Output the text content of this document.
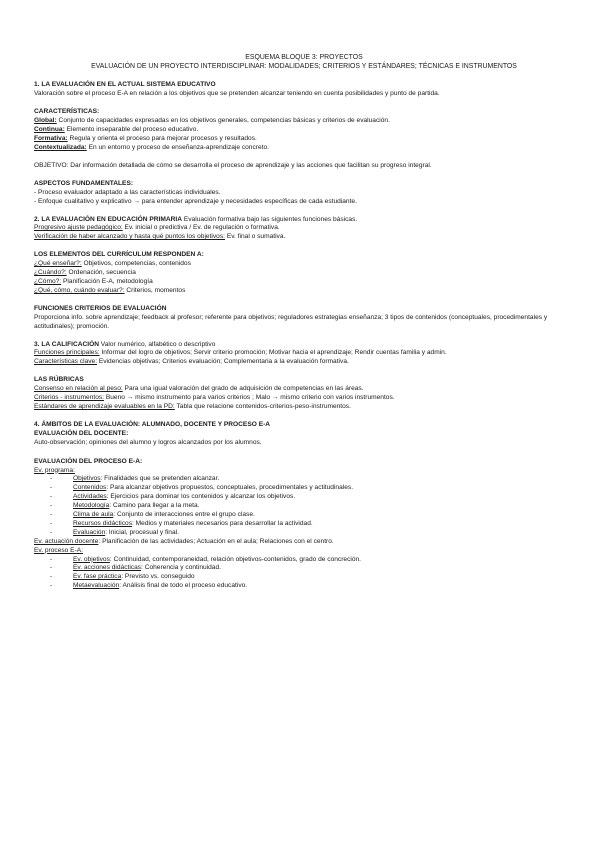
ESQUEMA BLOQUE 3: PROYECTOS
EVALUACIÓN DE UN PROYECTO INTERDISCIPLINAR: MODALIDADES; CRITERIOS Y ESTÁNDARES; TÉCNICAS E INSTRUMENTOS
1. LA EVALUACIÓN EN EL ACTUAL SISTEMA EDUCATIVO
Valoración sobre el proceso E-A en relación a los objetivos que se pretenden alcanzar teniendo en cuenta posibilidades y punto de partida.
CARACTERÍSTICAS:
Global: Conjunto de capacidades expresadas en los objetivos generales, competencias básicas y criterios de evaluación.
Continua: Elemento inseparable del proceso educativo.
Formativa: Regula y orienta el proceso para mejorar procesos y resultados.
Contextualizada: En un entorno y proceso de enseñanza-aprendizaje concreto.
OBJETIVO: Dar información detallada de cómo se desarrolla el proceso de aprendizaje y las acciones que facilitan su progreso integral.
ASPECTOS FUNDAMENTALES:
- Proceso evaluador adaptado a las características individuales.
- Enfoque cualitativo y explicativo → para entender aprendizaje y necesidades específicas de cada estudiante.
2. LA EVALUACIÓN EN EDUCACIÓN PRIMARIA Evaluación formativa bajo las siguientes funciones básicas.
Progresivo ajuste pedagógico: Ev. inicial o predictiva / Ev. de regulación o formativa.
Verificación de haber alcanzado y hasta qué puntos los objetivos: Ev. final o sumativa.
LOS ELEMENTOS DEL CURRÍCULUM RESPONDEN A:
¿Qué enseñar?: Objetivos, competencias, contenidos
¿Cuándo?: Ordenación, secuencia
¿Cómo?: Planificación E-A, metodología
¿Qué, cómo, cuándo evaluar?: Criterios, momentos
FUNCIONES CRITERIOS DE EVALUACIÓN
Proporciona info. sobre aprendizaje; feedback al profesor; referente para objetivos; reguladores estrategias enseñanza; 3 tipos de contenidos (conceptuales, procedimentales y actitudinales); promoción.
3. LA CALIFICACIÓN Valor numérico, alfabético o descriptivo
Funciones principales: Informar del logro de objetivos; Servir criterio promoción; Motivar hacia el aprendizaje; Rendir cuentas familia y admin.
Características clave: Evidencias objetivas; Criterios evaluación; Complementaria a la evaluación formativa.
LAS RÚBRICAS
Consenso en relación al peso: Para una igual valoración del grado de adquisición de competencias en las áreas.
Criterios - instrumentos: Bueno → mismo instrumento para varios criterios ; Malo → mismo criterio con varios instrumentos.
Estándares de aprendizaje evaluables en la PD: Tabla que relacione contenidos-criterios-peso-instrumentos.
4. ÁMBITOS DE LA EVALUACIÓN: ALUMNADO, DOCENTE Y PROCESO E-A
EVALUACIÓN DEL DOCENTE:
Auto-observación; opiniones del alumno y logros alcanzados por los alumnos.
EVALUACIÓN DEL PROCESO E-A:
Ev. programa:
- Objetivos: Finalidades que se pretenden alcanzar.
- Contenidos: Para alcanzar objetivos propuestos, conceptuales, procedimentales y actitudinales.
- Actividades: Ejercicios para dominar los contenidos y alcanzar los objetivos.
- Metodología: Camino para llegar a la meta.
- Clima de aula: Conjunto de interacciones entre el grupo clase.
- Recursos didácticos: Medios y materiales necesarios para desarrollar la actividad.
- Evaluación: Inicial, procesual y final.
Ev. actuación docente: Planificación de las actividades; Actuación en el aula; Relaciones con el centro.
Ev. proceso E-A:
- Ev. objetivos: Continuidad, contemporaneidad, relación objetivos-contenidos, grado de concreción.
- Ev. acciones didácticas: Coherencia y continuidad.
- Ev. fase práctica: Previsto vs. conseguido
- Metaevaluación: Análisis final de todo el proceso educativo.
